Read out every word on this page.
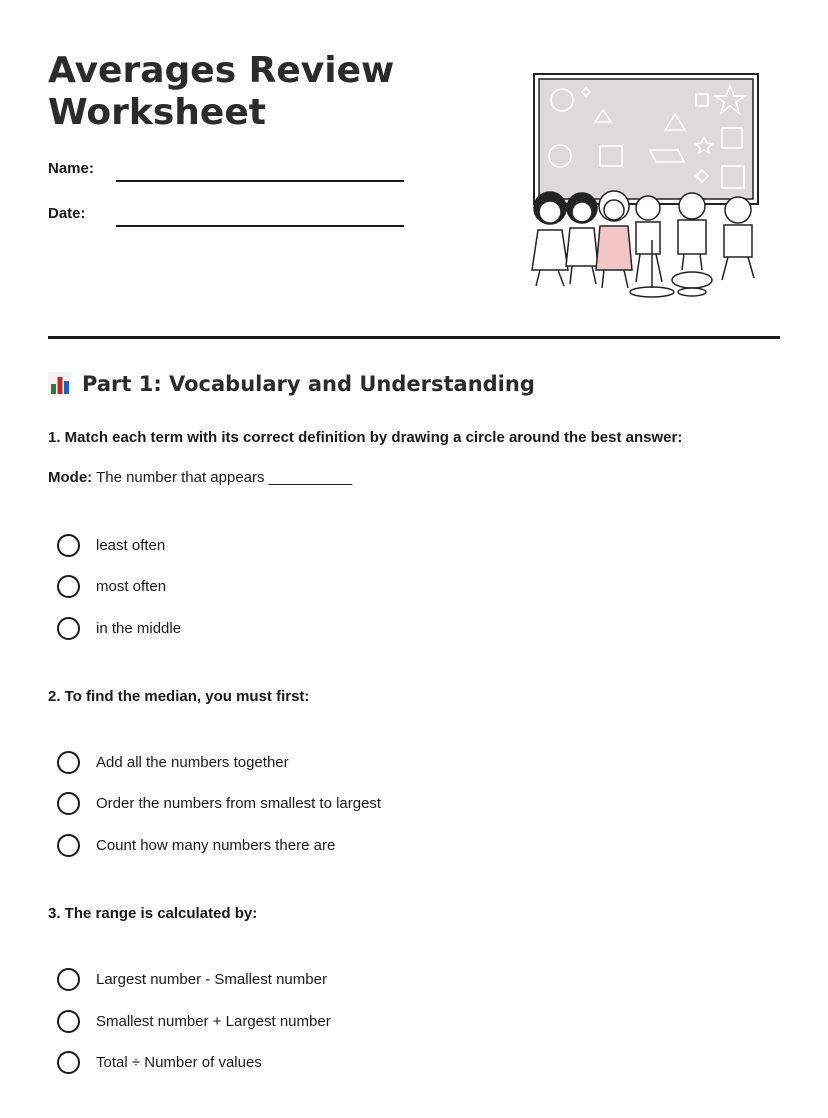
Averages Review Worksheet
Name:
Date:
Part 1: Vocabulary and Understanding

1. Match each term with its correct definition by drawing a circle around the best answer:

Mode: The number that appears __________
least often
most often
in the middle

2. To find the median, you must first:

Add all the numbers together
Order the numbers from smallest to largest
Count how many numbers there are

3. The range is calculated by:

Largest number - Smallest number
Smallest number + Largest number
Total ÷ Number of values
